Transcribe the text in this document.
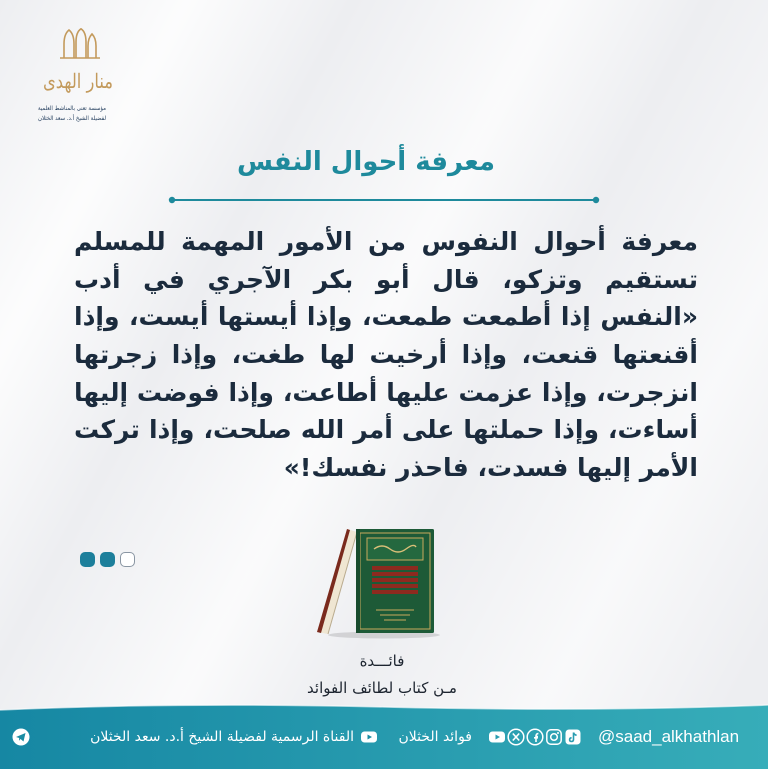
منار الهدى
مؤسسة تعنى بالمناشط العلمية
لفضيلة الشيخ أ.د. سعد الخثلان
معرفة أحوال النفس
معرفة أحوال النفوس من الأمور المهمة للمسلم
تستقيم وتزكو، قال أبو بكر الآجري في أدب
«النفس إذا أطمعت طمعت، وإذا أيستها أيست، وإذا
أقنعتها قنعت، وإذا أرخيت لها طغت، وإذا زجرتها
انزجرت، وإذا عزمت عليها أطاعت، وإذا فوضت إليها
أساءت، وإذا حملتها على أمر الله صلحت، وإذا تركت
الأمر إليها فسدت، فاحذر نفسك!»
فائـــدة
مـن كتاب لطائف الفوائد
القناة الرسمية لفضيلة الشيخ أ.د. سعد الخثلان	فوائد الخثلان	@saad_alkhathlan
